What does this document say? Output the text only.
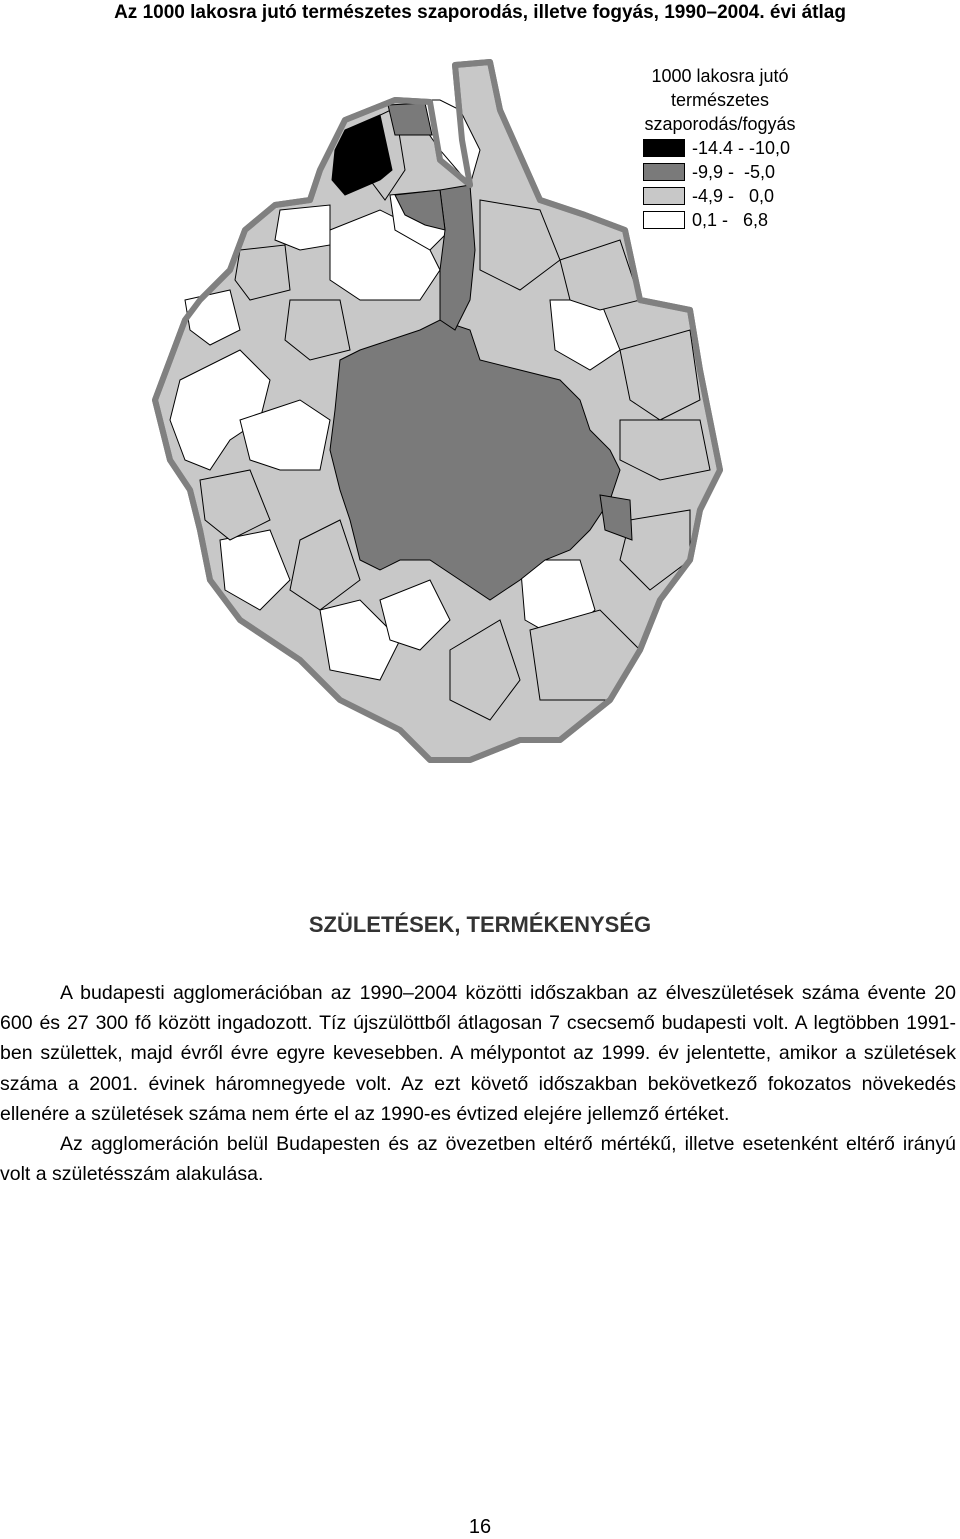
Az 1000 lakosra jutó természetes szaporodás, illetve fogyás, 1990–2004. évi átlag
1000 lakosra jutó
természetes
szaporodás/fogyás
-14.4 - -10,0
-9,9 -  -5,0
-4,9 -   0,0
0,1 -   6,8
SZÜLETÉSEK, TERMÉKENYSÉG

A budapesti agglomerációban az 1990–2004 közötti időszakban az élveszületések száma évente 20 600 és 27 300 fő között ingadozott. Tíz újszülöttből átlagosan 7 csecsemő budapesti volt. A legtöbben 1991-ben születtek, majd évről évre egyre kevesebben. A mélypontot az 1999. év jelentette, amikor a születések száma a 2001. évinek háromnegyede volt. Az ezt követő időszakban bekövetkező fokozatos növekedés ellenére a születések száma nem érte el az 1990-es évtized elejére jellemző értéket.

Az agglomeráción belül Budapesten és az övezetben eltérő mértékű, illetve esetenként eltérő irányú volt a születésszám alakulása.

16
